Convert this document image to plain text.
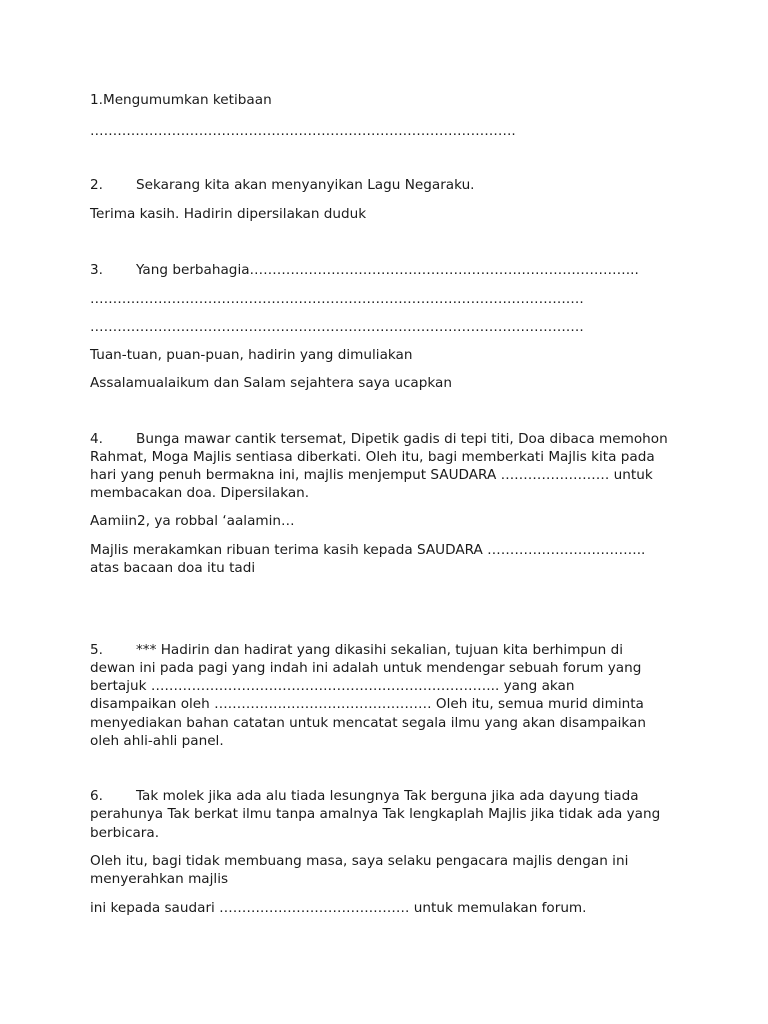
1.Mengumumkan ketibaan
………………………………………………………………………………….
2. Sekarang kita akan menyanyikan Lagu Negaraku.
Terima kasih. Hadirin dipersilakan duduk
3. Yang berbahagia…………………………………………………………………………..
……………………………………………………………………………………………….
……………………………………………………………………………………………….
Tuan-tuan, puan-puan, hadirin yang dimuliakan
Assalamualaikum dan Salam sejahtera saya ucapkan
4. Bunga mawar cantik tersemat, Dipetik gadis di tepi titi, Doa dibaca memohon
Rahmat, Moga Majlis sentiasa diberkati. Oleh itu, bagi memberkati Majlis kita pada
hari yang penuh bermakna ini, majlis menjemput SAUDARA …………………… untuk
membacakan doa. Dipersilakan.
Aamiin2, ya robbal ‘aalamin…
Majlis merakamkan ribuan terima kasih kepada SAUDARA ……………………………..
atas bacaan doa itu tadi
5. *** Hadirin dan hadirat yang dikasihi sekalian, tujuan kita berhimpun di
dewan ini pada pagi yang indah ini adalah untuk mendengar sebuah forum yang
bertajuk ………………………………………………………………….. yang akan
disampaikan oleh ………………………………………… Oleh itu, semua murid diminta
menyediakan bahan catatan untuk mencatat segala ilmu yang akan disampaikan
oleh ahli-ahli panel.
6. Tak molek jika ada alu tiada lesungnya Tak berguna jika ada dayung tiada
perahunya Tak berkat ilmu tanpa amalnya Tak lengkaplah Majlis jika tidak ada yang
berbicara.
Oleh itu, bagi tidak membuang masa, saya selaku pengacara majlis dengan ini
menyerahkan majlis
ini kepada saudari …………………………………… untuk memulakan forum.
